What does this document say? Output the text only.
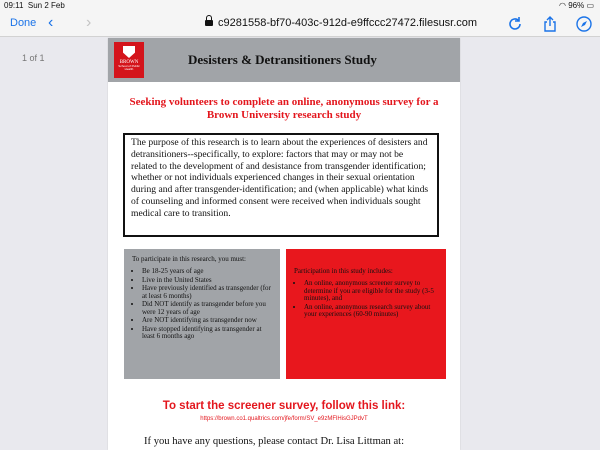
09:11 Sun 2 Feb	◠ 96% ▭
Done ‹ ›	c9281558-bf70-403c-912d-e9ffccc27472.filesusr.com

1 of 1	BROWN
School of Public Health
Desisters & Detransitioners Study
Seeking volunteers to complete an online, anonymous survey for a Brown University research study
The purpose of this research is to learn about the experiences of desisters and detransitioners--specifically, to explore: factors that may or may not be related to the development of and desistance from transgender identification; whether or not individuals experienced changes in their sexual orientation during and after transgender-identification; and (when applicable) what kinds of counseling and informed consent were received when individuals sought medical care to transition.
To participate in this research, you must:
• Be 18-25 years of age
• Live in the United States
• Have previously identified as transgender (for at least 6 months)
• Did NOT identify as transgender before you were 12 years of age
• Are NOT identifying as transgender now
• Have stopped identifying as transgender at least 6 months ago
Participation in this study includes:
• An online, anonymous screener survey to determine if you are eligible for the study (3-5 minutes), and
• An online, anonymous research survey about your experiences (60-90 minutes)
To start the screener survey, follow this link:
https://brown.co1.qualtrics.com/jfe/form/SV_e9zMFlHisGJPdvT
If you have any questions, please contact Dr. Lisa Littman at:
